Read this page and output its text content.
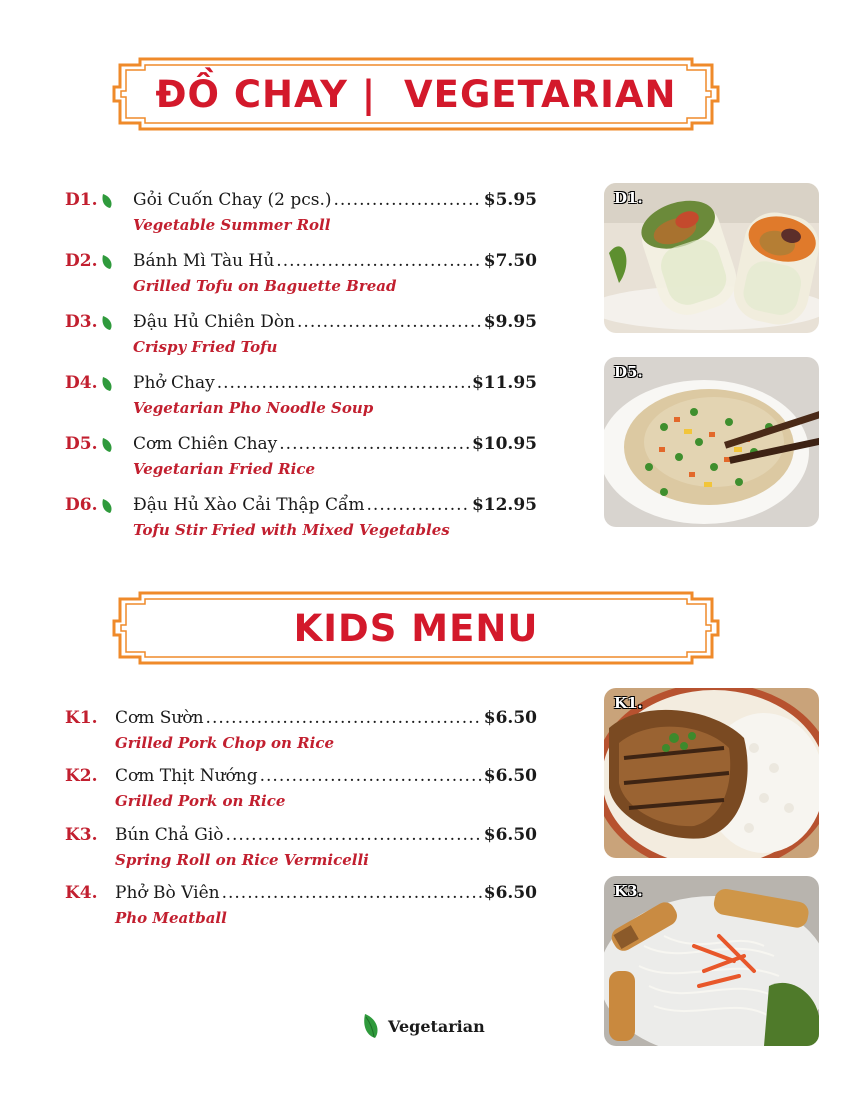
ĐỒ CHAY |  VEGETARIAN
D1. Gỏi Cuốn Chay (2 pcs.) .....	$5.95
Vegetable Summer Roll
D2. Bánh Mì Tàu Hủ .....	$7.50
Grilled Tofu on Baguette Bread
D3. Đậu Hủ Chiên Dòn .....	$9.95
Crispy Fried Tofu
D4. Phở Chay .....	$11.95
Vegetarian Pho Noodle Soup
D5. Cơm Chiên Chay .....	$10.95
Vegetarian Fried Rice
D6. Đậu Hủ Xào Cải Thập Cẩm .....	$12.95
Tofu Stir Fried with Mixed Vegetables
D1.
D5.
KIDS MENU
K1. Cơm Sườn .....	$6.50
Grilled Pork Chop on Rice
K2. Cơm Thịt Nướng .....	$6.50
Grilled Pork on Rice
K3. Bún Chả Giò .....	$6.50
Spring Roll on Rice Vermicelli
K4. Phở Bò Viên .....	$6.50
Pho Meatball
K1.
K3.
Vegetarian
